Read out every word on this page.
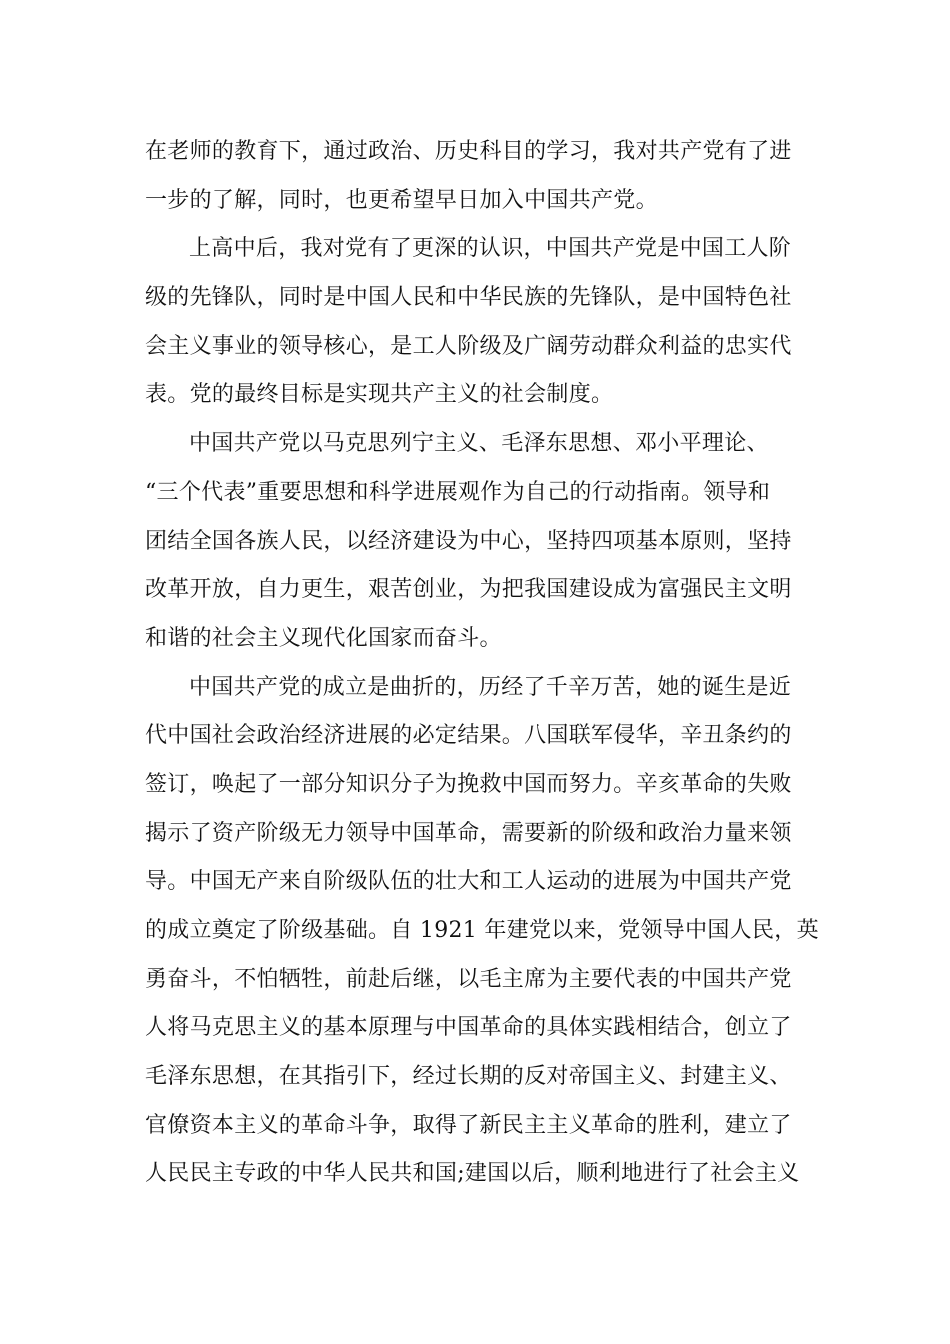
在老师的教育下，通过政治、历史科目的学习，我对共产党有了进
一步的了解，同时，也更希望早日加入中国共产党。
上高中后，我对党有了更深的认识，中国共产党是中国工人阶
级的先锋队，同时是中国人民和中华民族的先锋队，是中国特色社
会主义事业的领导核心，是工人阶级及广阔劳动群众利益的忠实代
表。党的最终目标是实现共产主义的社会制度。
中国共产党以马克思列宁主义、毛泽东思想、邓小平理论、
“三个代表”重要思想和科学进展观作为自己的行动指南。领导和
团结全国各族人民，以经济建设为中心，坚持四项基本原则，坚持
改革开放，自力更生，艰苦创业，为把我国建设成为富强民主文明
和谐的社会主义现代化国家而奋斗。
中国共产党的成立是曲折的，历经了千辛万苦，她的诞生是近
代中国社会政治经济进展的必定结果。八国联军侵华，辛丑条约的
签订，唤起了一部分知识分子为挽救中国而努力。辛亥革命的失败
揭示了资产阶级无力领导中国革命，需要新的阶级和政治力量来领
导。中国无产来自阶级队伍的壮大和工人运动的进展为中国共产党
的成立奠定了阶级基础。自 1921 年建党以来，党领导中国人民，英
勇奋斗，不怕牺牲，前赴后继，以毛主席为主要代表的中国共产党
人将马克思主义的基本原理与中国革命的具体实践相结合，创立了
毛泽东思想，在其指引下，经过长期的反对帝国主义、封建主义、
官僚资本主义的革命斗争，取得了新民主主义革命的胜利，建立了
人民民主专政的中华人民共和国;建国以后，顺利地进行了社会主义
